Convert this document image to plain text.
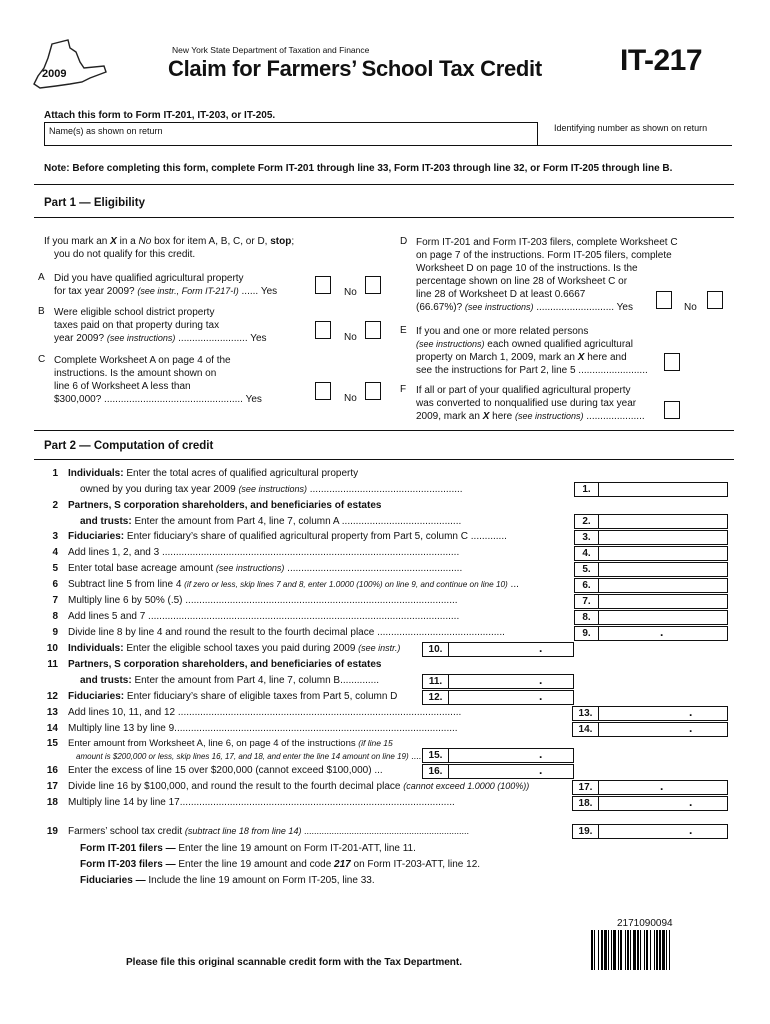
2009
New York State Department of Taxation and Finance
Claim for Farmers’ School Tax Credit	IT-217
Attach this form to Form IT-201, IT-203, or IT-205.
Name(s) as shown on return	Identifying number as shown on return
Note: Before completing this form, complete Form IT-201 through line 33, Form IT-203 through line 32, or Form IT-205 through line B.
Part 1 — Eligibility
If you mark an X in a No box for item A, B, C, or D, stop;
you do not qualify for this credit.
A Did you have qualified agricultural property
for tax year 2009? (see instr., Form IT-217-I) ...... Yes	No
B Were eligible school district property
taxes paid on that property during tax
year 2009? (see instructions) ......................... Yes	No
C Complete Worksheet A on page 4 of the
instructions. Is the amount shown on
line 6 of Worksheet A less than
$300,000? .................................................. Yes	No
D Form IT-201 and Form IT-203 filers, complete Worksheet C
on page 7 of the instructions. Form IT-205 filers, complete
Worksheet D on page 10 of the instructions. Is the
percentage shown on line 28 of Worksheet C or
line 28 of Worksheet D at least 0.6667
(66.67%)? (see instructions) ............................ Yes	No
E If you and one or more related persons
(see instructions) each owned qualified agricultural
property on March 1, 2009, mark an X here and
see the instructions for Part 2, line 5 .........................
F If all or part of your qualified agricultural property
was converted to nonqualified use during tax year
2009, mark an X here (see instructions) .....................
Part 2 — Computation of credit
1 Individuals: Enter the total acres of qualified agricultural property
owned by you during tax year 2009 (see instructions) .......................................................	1.
2 Partners, S corporation shareholders, and beneficiaries of estates
and trusts: Enter the amount from Part 4, line 7, column A ...........................................	2.
3 Fiduciaries: Enter fiduciary’s share of qualified agricultural property from Part 5, column C .............	3.
4 Add lines 1, 2, and 3 ...........................................................................................................	4.
5 Enter total base acreage amount (see instructions) ...............................................................	5.
6 Subtract line 5 from line 4 (if zero or less, skip lines 7 and 8, enter 1.0000 (100%) on line 9, and continue on line 10) ...	6.
7 Multiply line 6 by 50% (.5) ..................................................................................................	7.
8 Add lines 5 and 7 ................................................................................................................	8.
9 Divide line 8 by line 4 and round the result to the fourth decimal place ..............................................	9.	.
10 Individuals: Enter the eligible school taxes you paid during 2009 (see instr.)	10.	.
11 Partners, S corporation shareholders, and beneficiaries of estates
and trusts: Enter the amount from Part 4, line 7, column B..............	11.	.
12 Fiduciaries: Enter fiduciary’s share of eligible taxes from Part 5, column D	12.	.
13 Add lines 10, 11, and 12 ......................................................................................................	13.	.
14 Multiply line 13 by line 9......................................................................................................	14.	.
15 Enter amount from Worksheet A, line 6, on page 4 of the instructions (if line 15
amount is $200,000 or less, skip lines 16, 17, and 18, and enter the line 14 amount on line 19) .... 15.	.
16 Enter the excess of line 15 over $200,000 (cannot exceed $100,000) ...	16.	.
17 Divide line 16 by $100,000, and round the result to the fourth decimal place (cannot exceed 1.0000 (100%))	17.	.
18 Multiply line 14 by line 17...................................................................................................	18.	.
19 Farmers’ school tax credit (subtract line 18 from line 14) ..................................................................	19.	.
Form IT-201 filers — Enter the line 19 amount on Form IT-201-ATT, line 11.
Form IT-203 filers — Enter the line 19 amount and code 217 on Form IT-203-ATT, line 12.
Fiduciaries — Include the line 19 amount on Form IT-205, line 33.
2171090094
Please file this original scannable credit form with the Tax Department.
